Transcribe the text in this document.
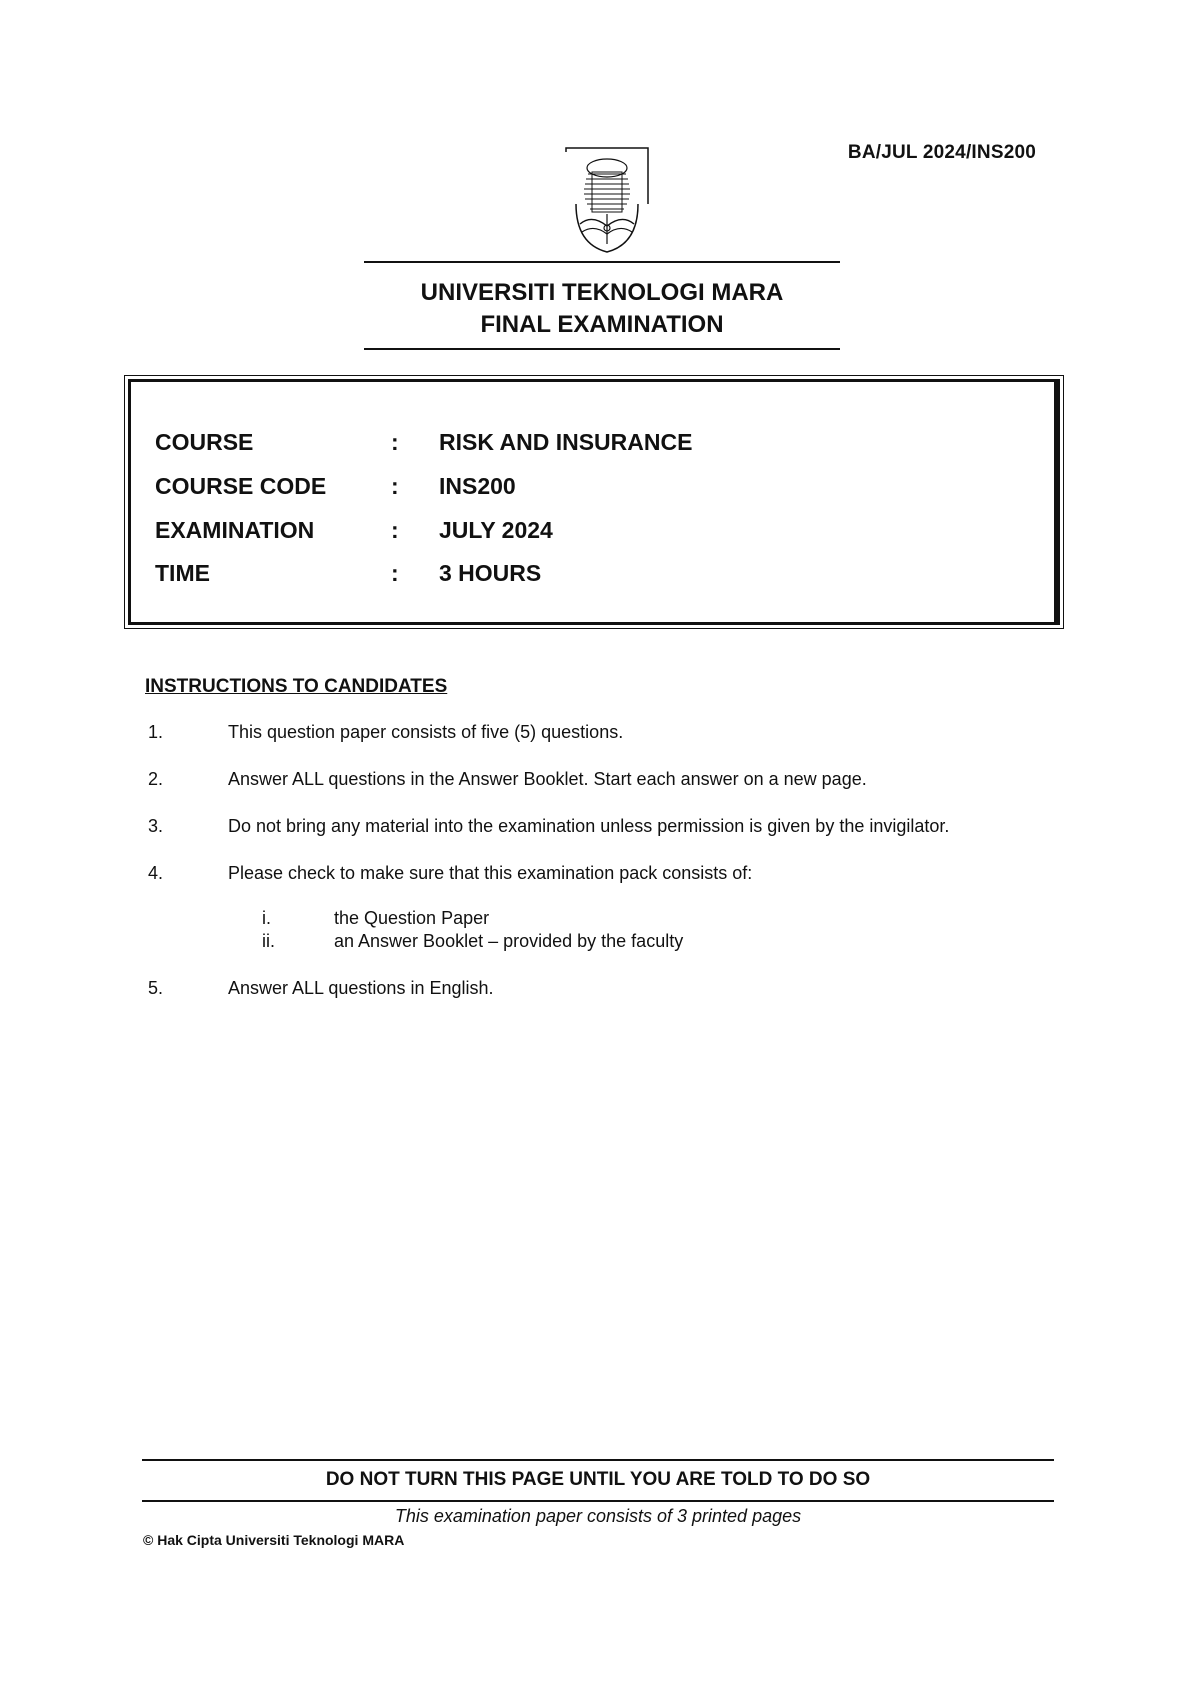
BA/JUL 2024/INS200
UNIVERSITI TEKNOLOGI MARA
FINAL EXAMINATION
COURSE	: RISK AND INSURANCE
COURSE CODE	: INS200
EXAMINATION	: JULY 2024
TIME	: 3 HOURS
INSTRUCTIONS TO CANDIDATES
1.	This question paper consists of five (5) questions.
2.	Answer ALL questions in the Answer Booklet. Start each answer on a new page.
3.	Do not bring any material into the examination unless permission is given by the invigilator.
4.	Please check to make sure that this examination pack consists of:
i.	the Question Paper
ii.	an Answer Booklet – provided by the faculty
5.	Answer ALL questions in English.
DO NOT TURN THIS PAGE UNTIL YOU ARE TOLD TO DO SO
This examination paper consists of 3 printed pages
© Hak Cipta Universiti Teknologi MARA
